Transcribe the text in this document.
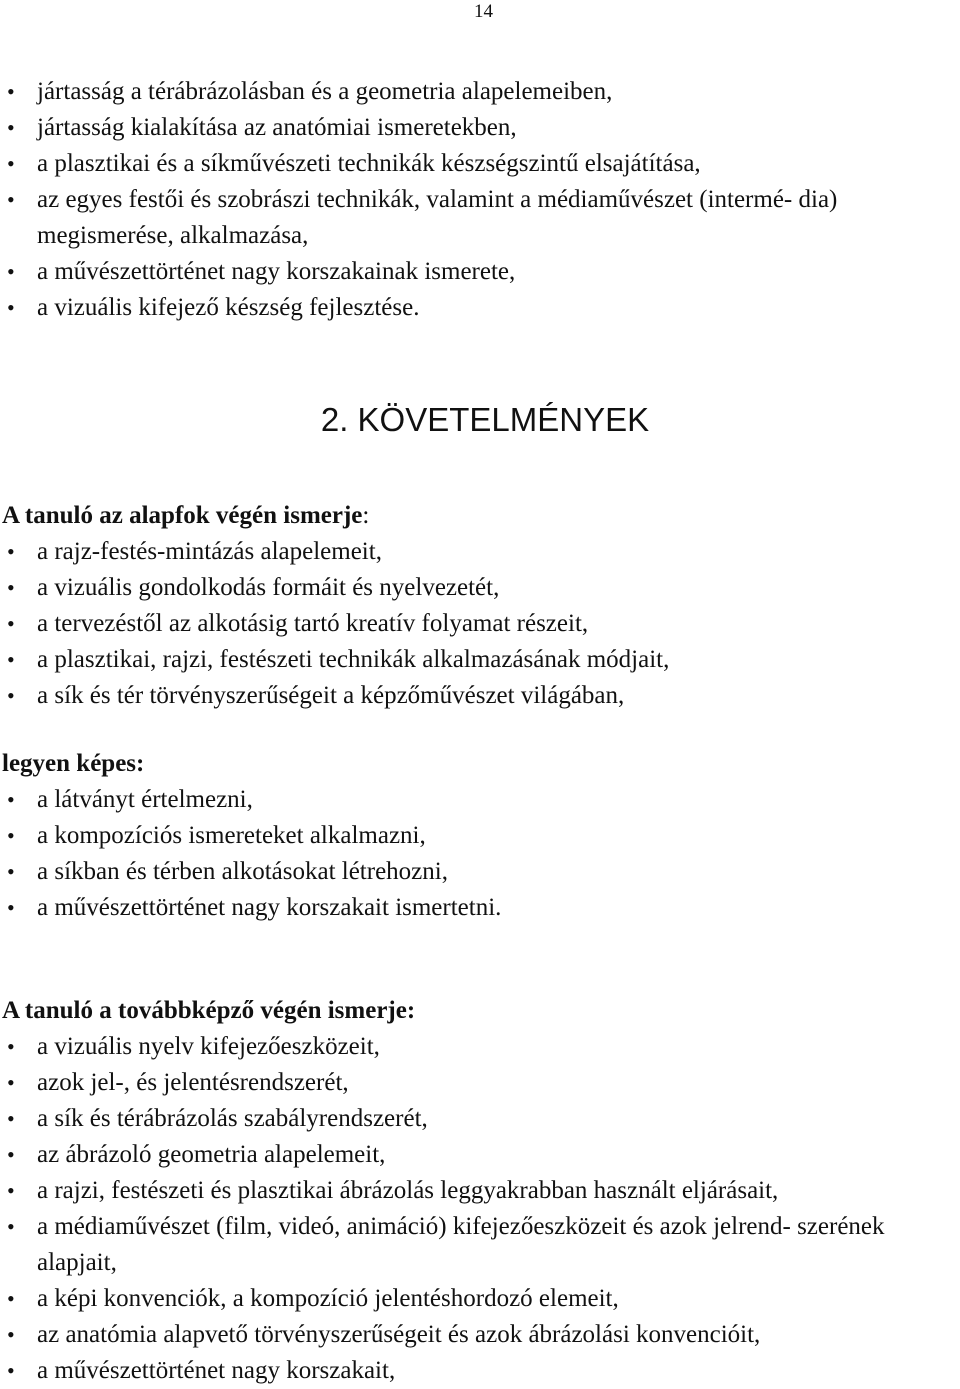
14
• jártasság a térábrázolásban és a geometria alapelemeiben,
• jártasság kialakítása az anatómiai ismeretekben,
• a plasztikai és a síkművészeti technikák készségszintű elsajátítása,
• az egyes festői és szobrászi technikák, valamint a médiaművészet (intermé- dia) megismerése, alkalmazása,
• a művészettörténet nagy korszakainak ismerete,
• a vizuális kifejező készség fejlesztése.
2. KÖVETELMÉNYEK
A tanuló az alapfok végén ismerje:
• a rajz-festés-mintázás alapelemeit,
• a vizuális gondolkodás formáit és nyelvezetét,
• a tervezéstől az alkotásig tartó kreatív folyamat részeit,
• a plasztikai, rajzi, festészeti technikák alkalmazásának módjait,
• a sík és tér törvényszerűségeit a képzőművészet világában,
legyen képes:
• a látványt értelmezni,
• a kompozíciós ismereteket alkalmazni,
• a síkban és térben alkotásokat létrehozni,
• a művészettörténet nagy korszakait ismertetni.
A tanuló a továbbképző végén ismerje:
• a vizuális nyelv kifejezőeszközeit,
• azok jel-, és jelentésrendszerét,
• a sík és térábrázolás szabályrendszerét,
• az ábrázoló geometria alapelemeit,
• a rajzi, festészeti és plasztikai ábrázolás leggyakrabban használt eljárásait,
• a médiaművészet (film, videó, animáció) kifejezőeszközeit és azok jelrend- szerének alapjait,
• a képi konvenciók, a kompozíció jelentéshordozó elemeit,
• az anatómia alapvető törvényszerűségeit és azok ábrázolási konvencióit,
• a művészettörténet nagy korszakait,
